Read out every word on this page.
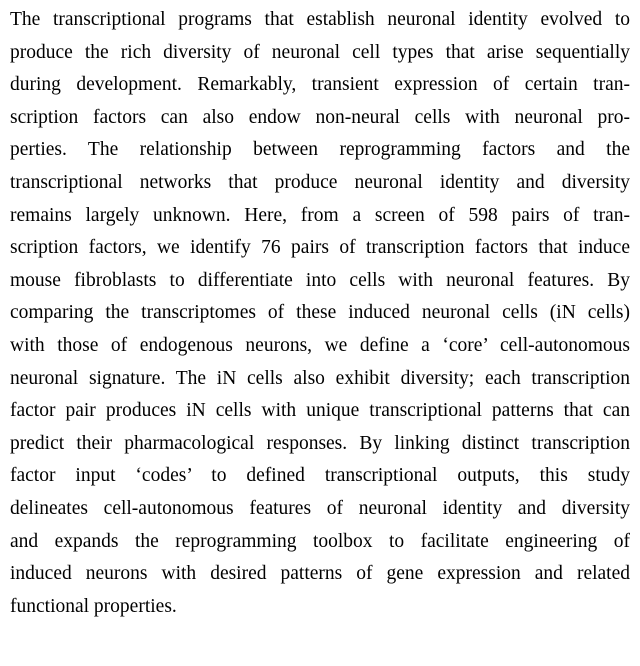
The transcriptional programs that establish neuronal identity evolved to
produce the rich diversity of neuronal cell types that arise sequentially
during development. Remarkably, transient expression of certain tran-
scription factors can also endow non-neural cells with neuronal pro-
perties. The relationship between reprogramming factors and the
transcriptional networks that produce neuronal identity and diversity
remains largely unknown. Here, from a screen of 598 pairs of tran-
scription factors, we identify 76 pairs of transcription factors that induce
mouse fibroblasts to differentiate into cells with neuronal features. By
comparing the transcriptomes of these induced neuronal cells (iN cells)
with those of endogenous neurons, we define a ‘core’ cell-autonomous
neuronal signature. The iN cells also exhibit diversity; each transcription
factor pair produces iN cells with unique transcriptional patterns that can
predict their pharmacological responses. By linking distinct transcription
factor input ‘codes’ to defined transcriptional outputs, this study
delineates cell-autonomous features of neuronal identity and diversity
and expands the reprogramming toolbox to facilitate engineering of
induced neurons with desired patterns of gene expression and related
functional properties.
